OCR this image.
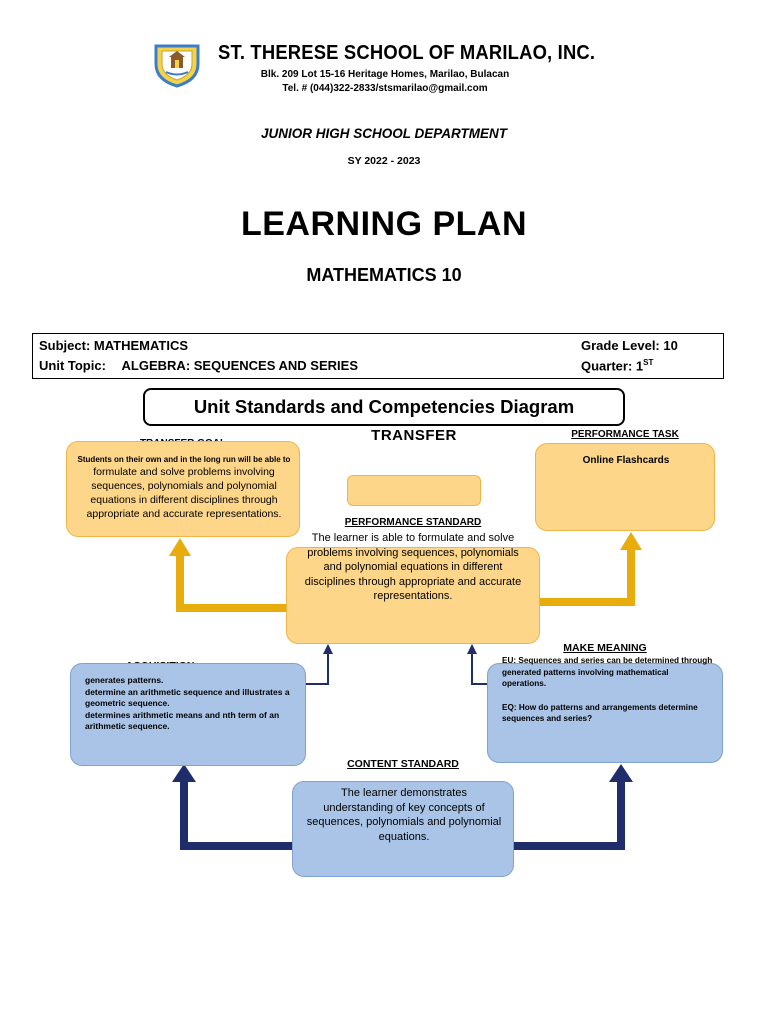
ST. THERESE SCHOOL OF MARILAO, INC.
Blk. 209 Lot 15-16 Heritage Homes, Marilao, Bulacan
Tel. # (044)322-2833/stsmarilao@gmail.com
JUNIOR HIGH SCHOOL DEPARTMENT
SY 2022 - 2023
LEARNING PLAN
MATHEMATICS 10
Subject: MATHEMATICS
Unit Topic: ALGEBRA: SEQUENCES AND SERIES
Grade Level: 10
Quarter: 1ST
Unit Standards and Competencies Diagram
TRANSFER
Students on their own and in the long run will be able to formulate and solve problems involving sequences, polynomials and polynomial equations in different disciplines through appropriate and accurate representations.
PERFORMANCE TASK
Online Flashcards
PERFORMANCE STANDARD
The learner is able to formulate and solve problems involving sequences, polynomials and polynomial equations in different disciplines through appropriate and accurate representations.
generates patterns.
determine an arithmetic sequence and illustrates a geometric sequence.
determines arithmetic means and nth term of an arithmetic sequence.
MAKE MEANING
EU: Sequences and series can be determined through generated patterns involving mathematical operations.
EQ: How do patterns and arrangements determine sequences and series?
CONTENT STANDARD
The learner demonstrates understanding of key concepts of sequences, polynomials and polynomial equations.
